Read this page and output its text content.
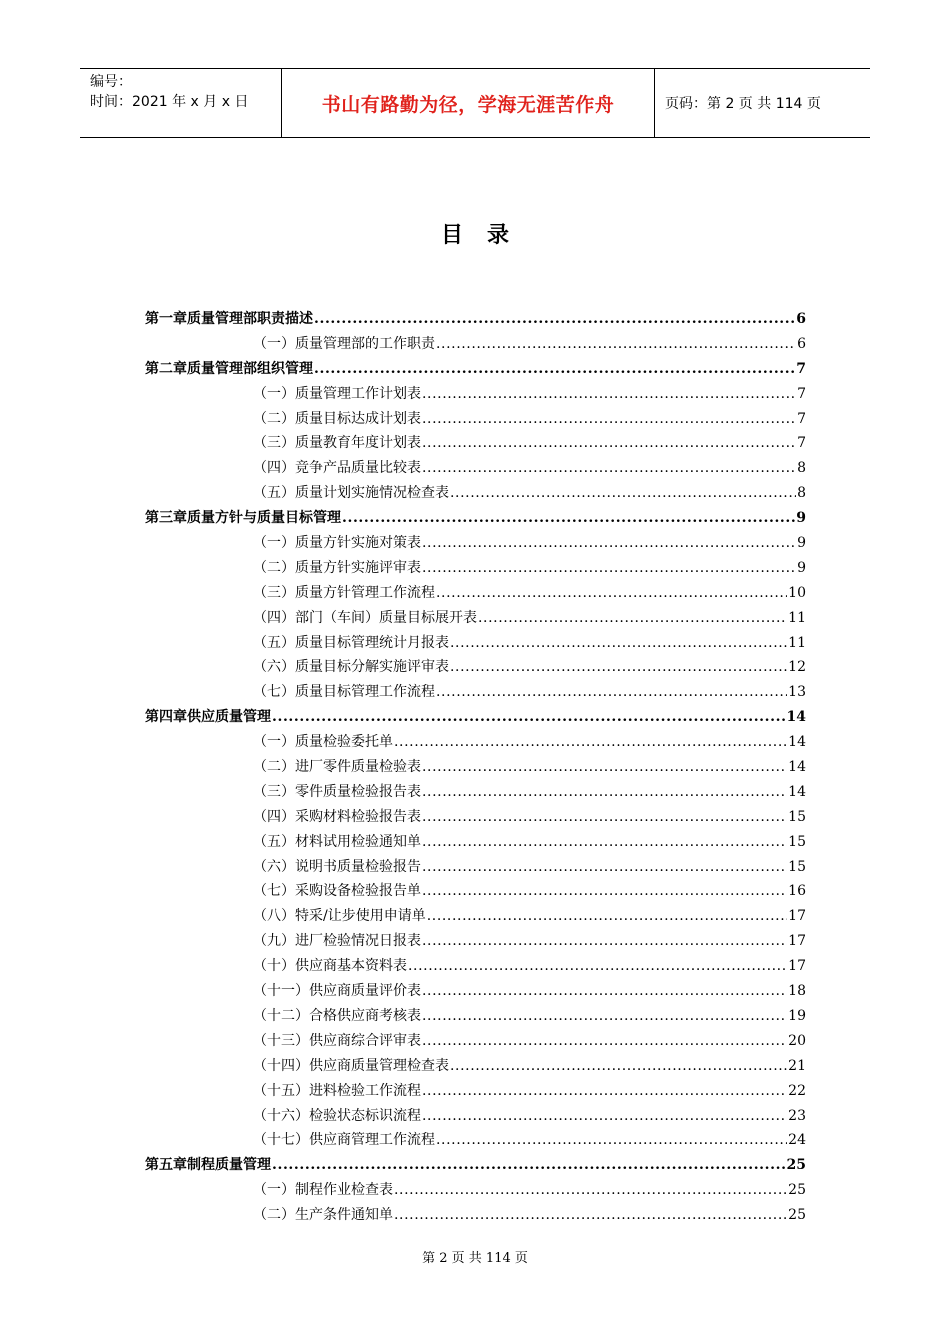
编号：
时间：2021 年 x 月 x 日	书山有路勤为径，学海无涯苦作舟	页码：第 2 页 共 114 页
目录
第一章 质量管理部职责描述 .....	6
（一）质量管理部的工作职责 .....	6
第二章 质量管理部组织管理 .....	7
（一）质量管理工作计划表 .....	7
（二）质量目标达成计划表 .....	7
（三）质量教育年度计划表 .....	7
（四）竞争产品质量比较表 .....	8
（五）质量计划实施情况检查表 .....	8
第三章 质量方针与质量目标管理 .....	9
（一）质量方针实施对策表 .....	9
（二）质量方针实施评审表 .....	9
（三）质量方针管理工作流程 .....	10
（四）部门（车间）质量目标展开表 .....	11
（五）质量目标管理统计月报表 .....	11
（六）质量目标分解实施评审表 .....	12
（七）质量目标管理工作流程 .....	13
第四章 供应质量管理 .....	14
（一）质量检验委托单 .....	14
（二）进厂零件质量检验表 .....	14
（三）零件质量检验报告表 .....	14
（四）采购材料检验报告表 .....	15
（五）材料试用检验通知单 .....	15
（六）说明书质量检验报告 .....	15
（七）采购设备检验报告单 .....	16
（八）特采/让步使用申请单 .....	17
（九）进厂检验情况日报表 .....	17
（十）供应商基本资料表 .....	17
（十一）供应商质量评价表 .....	18
（十二）合格供应商考核表 .....	19
（十三）供应商综合评审表 .....	20
（十四）供应商质量管理检查表 .....	21
（十五）进料检验工作流程 .....	22
（十六）检验状态标识流程 .....	23
（十七）供应商管理工作流程 .....	24
第五章 制程质量管理 .....	25
（一）制程作业检查表 .....	25
（二）生产条件通知单 .....	25
第 2 页 共 114 页
